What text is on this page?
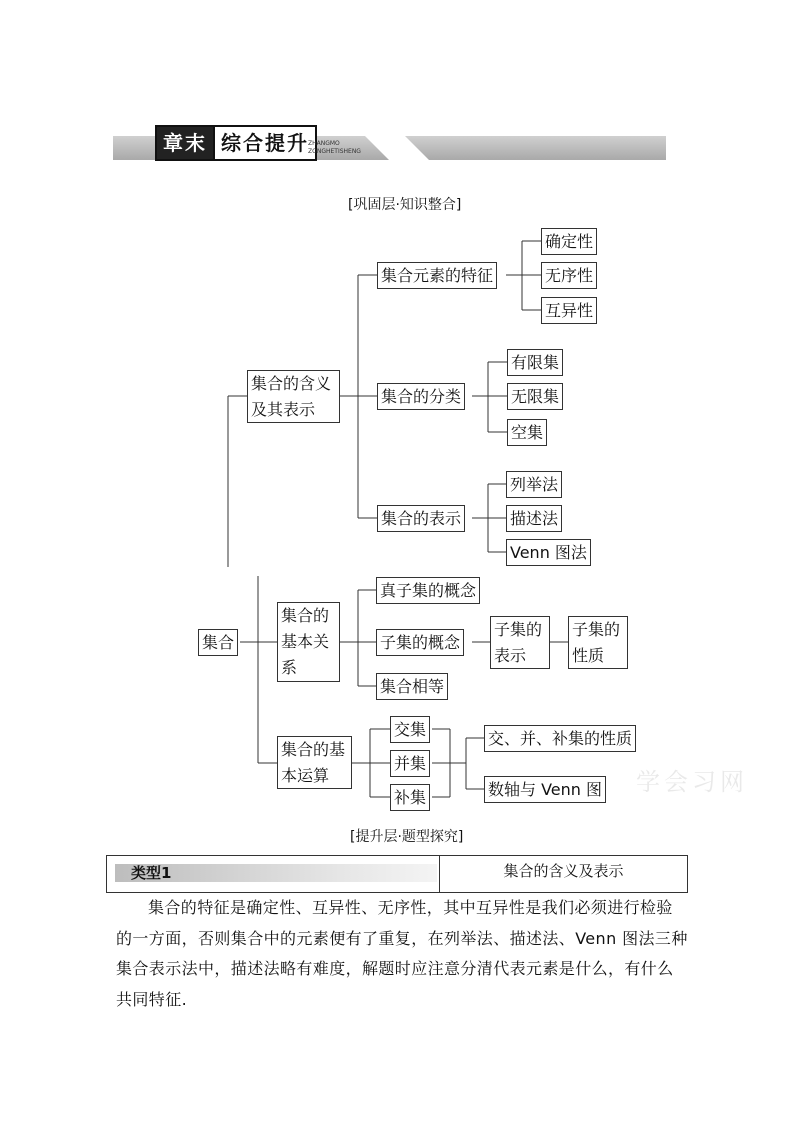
章末 综合提升 ZHANGMO
ZONGHETISHENG
[巩固层·知识整合]
集合
集合的含义及其表示
集合元素的特征
确定性
无序性
互异性
集合的分类
有限集
无限集
空集
集合的表示
列举法
描述法
Venn 图法
集合的基本关系
真子集的概念
子集的概念
子集的表示
子集的性质
集合相等
集合的基本运算
交集
并集
补集
交、并、补集的性质
数轴与 Venn 图 学会习网
[提升层·题型探究]
类型1	集合的含义及表示
集合的特征是确定性、互异性、无序性，其中互异性是我们必须进行检验的一方面，否则集合中的元素便有了重复，在列举法、描述法、Venn 图法三种集合表示法中，描述法略有难度，解题时应注意分清代表元素是什么，有什么共同特征.
